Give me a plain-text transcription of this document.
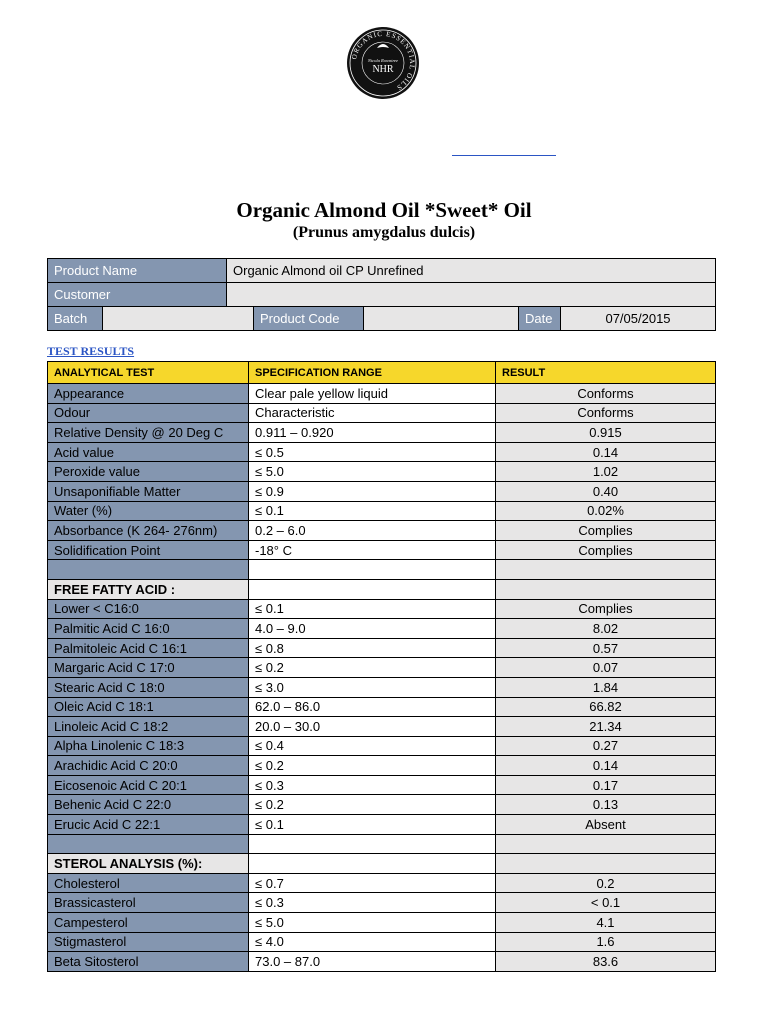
ORGANIC ESSENTIAL OILS
NHR
Nicola Rowntree
Organic Almond Oil *Sweet* Oil
(Prunus amygdalus dulcis)
Product Name		Organic Almond oil CP Unrefined				
Customer						
Batch			Product Code		Date	07/05/2015
TEST RESULTS
ANALYTICAL TEST	SPECIFICATION RANGE	RESULT
Appearance	Clear pale yellow liquid	Conforms
Odour	Characteristic	Conforms
Relative Density @ 20 Deg C	0.911 – 0.920	0.915
Acid value	≤ 0.5	0.14
Peroxide value	≤ 5.0	1.02
Unsaponifiable Matter	≤ 0.9	0.40
Water (%)	≤ 0.1	0.02%
Absorbance (K 264- 276nm)	0.2 – 6.0	Complies
Solidification Point	-18° C	Complies

FREE FATTY ACID :		
Lower < C16:0	≤ 0.1	Complies
Palmitic Acid C 16:0	4.0 – 9.0	8.02
Palmitoleic Acid C 16:1	≤ 0.8	0.57
Margaric Acid C 17:0	≤ 0.2	0.07
Stearic Acid C 18:0	≤ 3.0	1.84
Oleic Acid C 18:1	62.0 – 86.0	66.82
Linoleic Acid C 18:2	20.0 – 30.0	21.34
Alpha Linolenic C 18:3	≤ 0.4	0.27
Arachidic Acid C 20:0	≤ 0.2	0.14
Eicosenoic Acid C 20:1	≤ 0.3	0.17
Behenic Acid C 22:0	≤ 0.2	0.13
Erucic Acid C 22:1	≤ 0.1	Absent

STEROL ANALYSIS (%):		
Cholesterol	≤ 0.7	0.2
Brassicasterol	≤ 0.3	< 0.1
Campesterol	≤ 5.0	4.1
Stigmasterol	≤ 4.0	1.6
Beta Sitosterol	73.0 – 87.0	83.6
